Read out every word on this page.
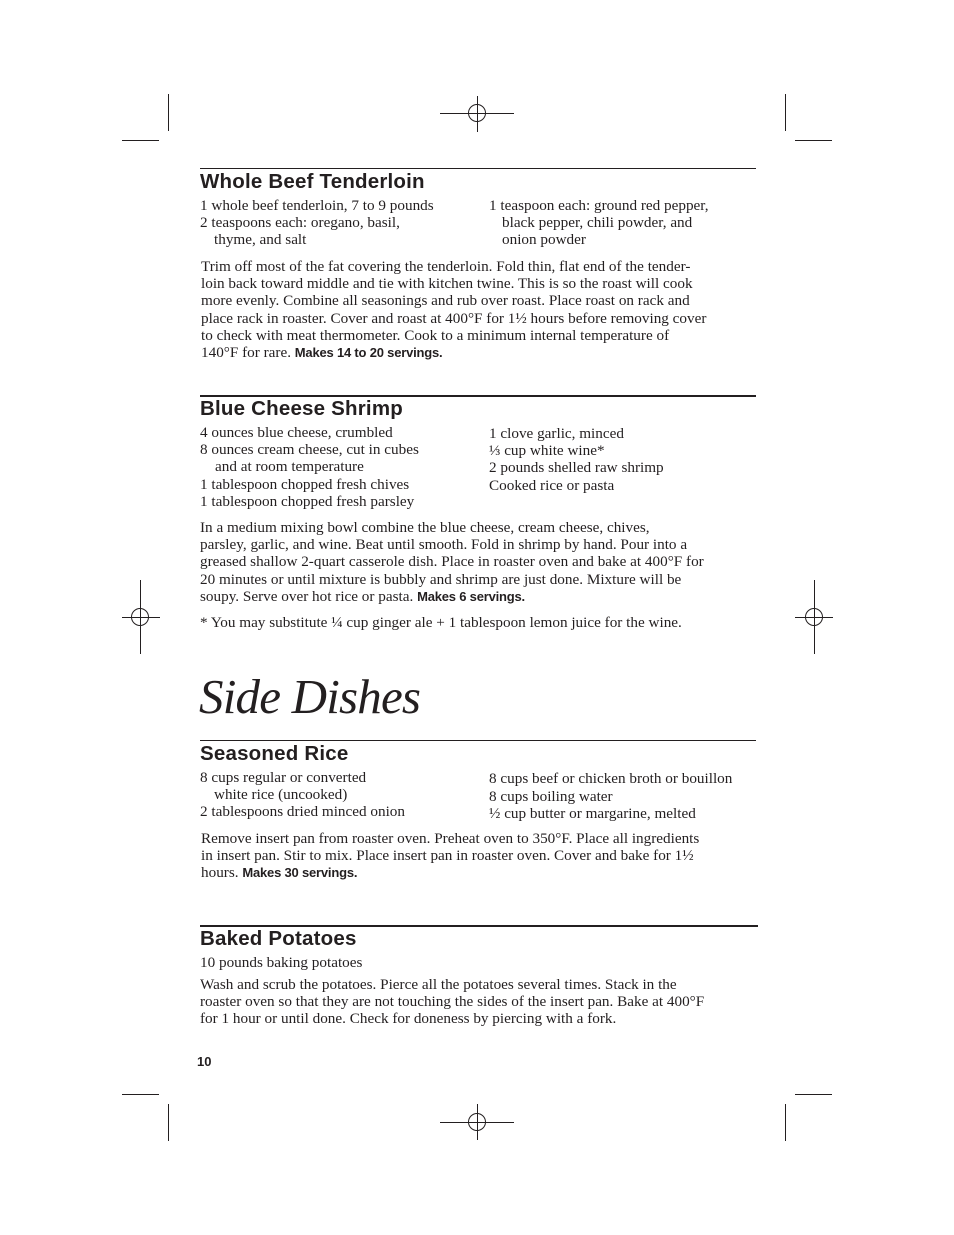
Whole Beef Tenderloin
1 whole beef tenderloin, 7 to 9 pounds
2 teaspoons each: oregano, basil,
thyme, and salt
1 teaspoon each: ground red pepper,
black pepper, chili powder, and
onion powder
Trim off most of the fat covering the tenderloin. Fold thin, flat end of the tender-
loin back toward middle and tie with kitchen twine. This is so the roast will cook
more evenly. Combine all seasonings and rub over roast. Place roast on rack and
place rack in roaster. Cover and roast at 400°F for 1½ hours before removing cover
to check with meat thermometer. Cook to a minimum internal temperature of
140°F for rare. Makes 14 to 20 servings.
Blue Cheese Shrimp
4 ounces blue cheese, crumbled
8 ounces cream cheese, cut in cubes
and at room temperature
1 tablespoon chopped fresh chives
1 tablespoon chopped fresh parsley
1 clove garlic, minced
⅓ cup white wine*
2 pounds shelled raw shrimp
Cooked rice or pasta
In a medium mixing bowl combine the blue cheese, cream cheese, chives,
parsley, garlic, and wine. Beat until smooth. Fold in shrimp by hand. Pour into a
greased shallow 2-quart casserole dish. Place in roaster oven and bake at 400°F for
20 minutes or until mixture is bubbly and shrimp are just done. Mixture will be
soupy. Serve over hot rice or pasta. Makes 6 servings.
* You may substitute ¼ cup ginger ale + 1 tablespoon lemon juice for the wine.
Side Dishes
Seasoned Rice
8 cups regular or converted
white rice (uncooked)
2 tablespoons dried minced onion
8 cups beef or chicken broth or bouillon
8 cups boiling water
½ cup butter or margarine, melted
Remove insert pan from roaster oven. Preheat oven to 350°F. Place all ingredients
in insert pan. Stir to mix. Place insert pan in roaster oven. Cover and bake for 1½
hours. Makes 30 servings.
Baked Potatoes
10 pounds baking potatoes
Wash and scrub the potatoes. Pierce all the potatoes several times. Stack in the
roaster oven so that they are not touching the sides of the insert pan. Bake at 400°F
for 1 hour or until done. Check for doneness by piercing with a fork.
10
